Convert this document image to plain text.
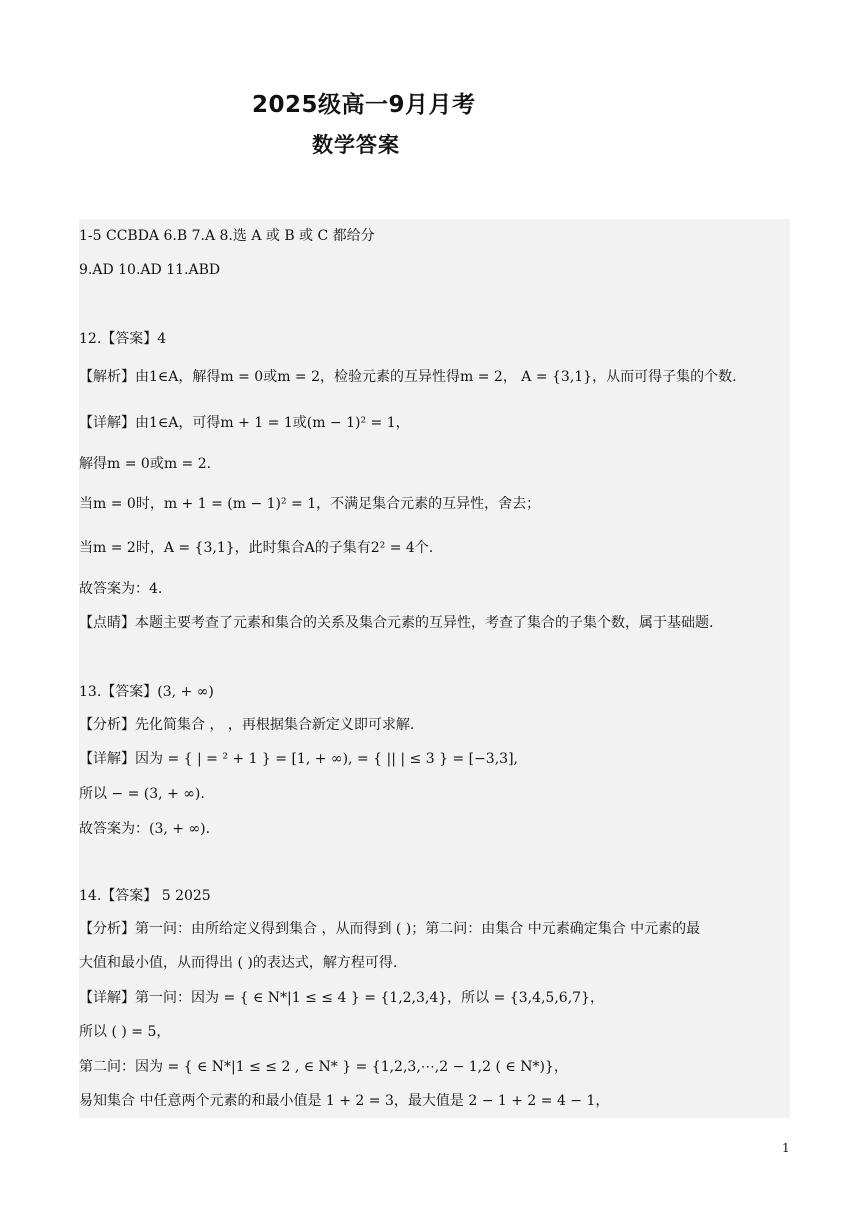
2025级高一9月月考
数学答案
1-5 CCBDA 6.B 7.A 8.选 A 或 B 或 C 都给分
9.AD 10.AD 11.ABD
12.【答案】4
【解析】由1∈A，解得m = 0或m = 2，检验元素的互异性得m = 2， A = {3,1}，从而可得子集的个数.
【详解】由1∈A，可得m + 1 = 1或(m − 1)² = 1，
解得m = 0或m = 2.
当m = 0时，m + 1 = (m − 1)² = 1，不满足集合元素的互异性，舍去；
当m = 2时，A = {3,1}，此时集合A的子集有2² = 4个.
故答案为：4.
【点睛】本题主要考查了元素和集合的关系及集合元素的互异性，考查了集合的子集个数，属于基础题.
13.【答案】(3, + ∞)
【分析】先化简集合 ， ，再根据集合新定义即可求解.
【详解】因为 = { | = ² + 1 } = [1, + ∞), = { || | ≤ 3 } = [−3,3],
所以 − = (3, + ∞).
故答案为：(3, + ∞).
14.【答案】 5 2025
【分析】第一问：由所给定义得到集合 ，从而得到 ( )；第二问：由集合 中元素确定集合 中元素的最
大值和最小值，从而得出 ( )的表达式，解方程可得.
【详解】第一问：因为 = { ∈ N*|1 ≤ ≤ 4 } = {1,2,3,4}，所以 = {3,4,5,6,7}，
所以 ( ) = 5，
第二问：因为 = { ∈ N*|1 ≤ ≤ 2 , ∈ N* } = {1,2,3,⋯,2 − 1,2 ( ∈ N*)}，
易知集合 中任意两个元素的和最小值是 1 + 2 = 3，最大值是 2 − 1 + 2 = 4 − 1，
1
